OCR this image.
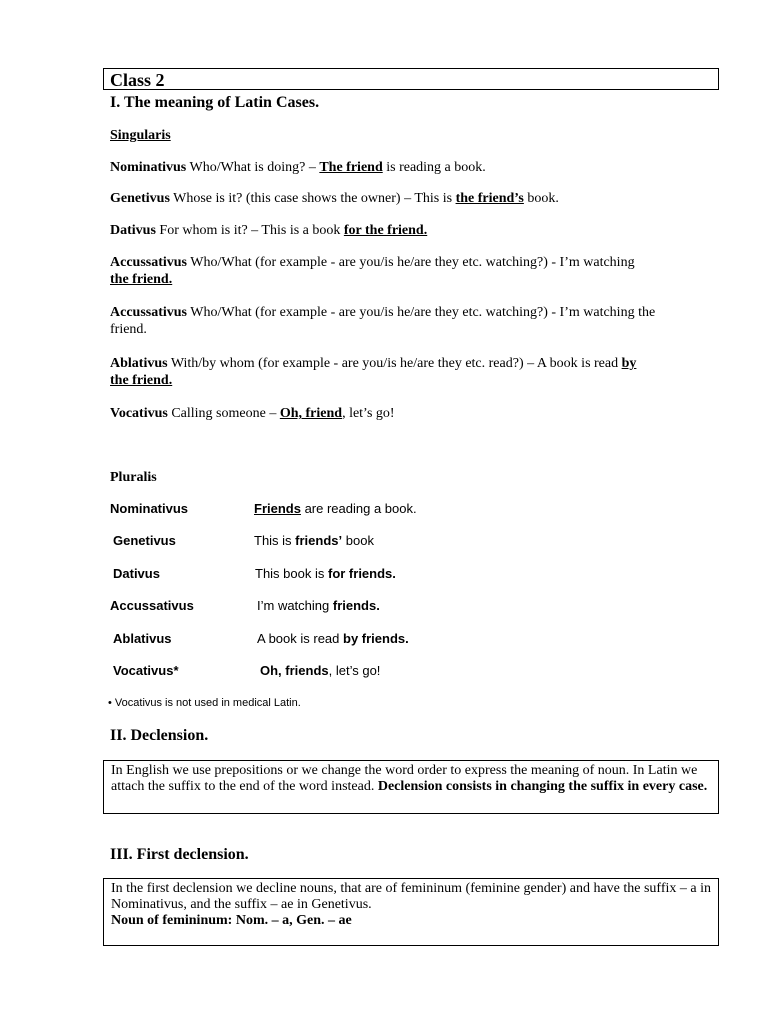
Class 2
I. The meaning of Latin Cases.
Singularis
Nominativus Who/What is doing? – The friend is reading a book.
Genetivus Whose is it? (this case shows the owner) – This is the friend’s book.
Dativus For whom is it? – This is a book for the friend.
Accussativus Who/What (for example - are you/is he/are they etc. watching?) - I’m watching
the friend.
Accussativus Who/What (for example - are you/is he/are they etc. watching?) - I’m watching the
friend.
Ablativus With/by whom (for example - are you/is he/are they etc. read?) – A book is read by
the friend.
Vocativus Calling someone – Oh, friend, let’s go!
Pluralis
Nominativus	Friends are reading a book.
Genetivus	This is friends’ book
Dativus	This book is for friends.
Accussativus	I’m watching friends.
Ablativus	A book is read by friends.
Vocativus*	Oh, friends, let’s go!
• Vocativus is not used in medical Latin.
II. Declension.
In English we use prepositions or we change the word order to express the meaning of noun. In Latin we attach the suffix to the end of the word instead. Declension consists in changing the suffix in every case.
III. First declension.
In the first declension we decline nouns, that are of femininum (feminine gender) and have the suffix – a in Nominativus, and the suffix – ae in Genetivus.
Noun of femininum: Nom. – a, Gen. – ae
